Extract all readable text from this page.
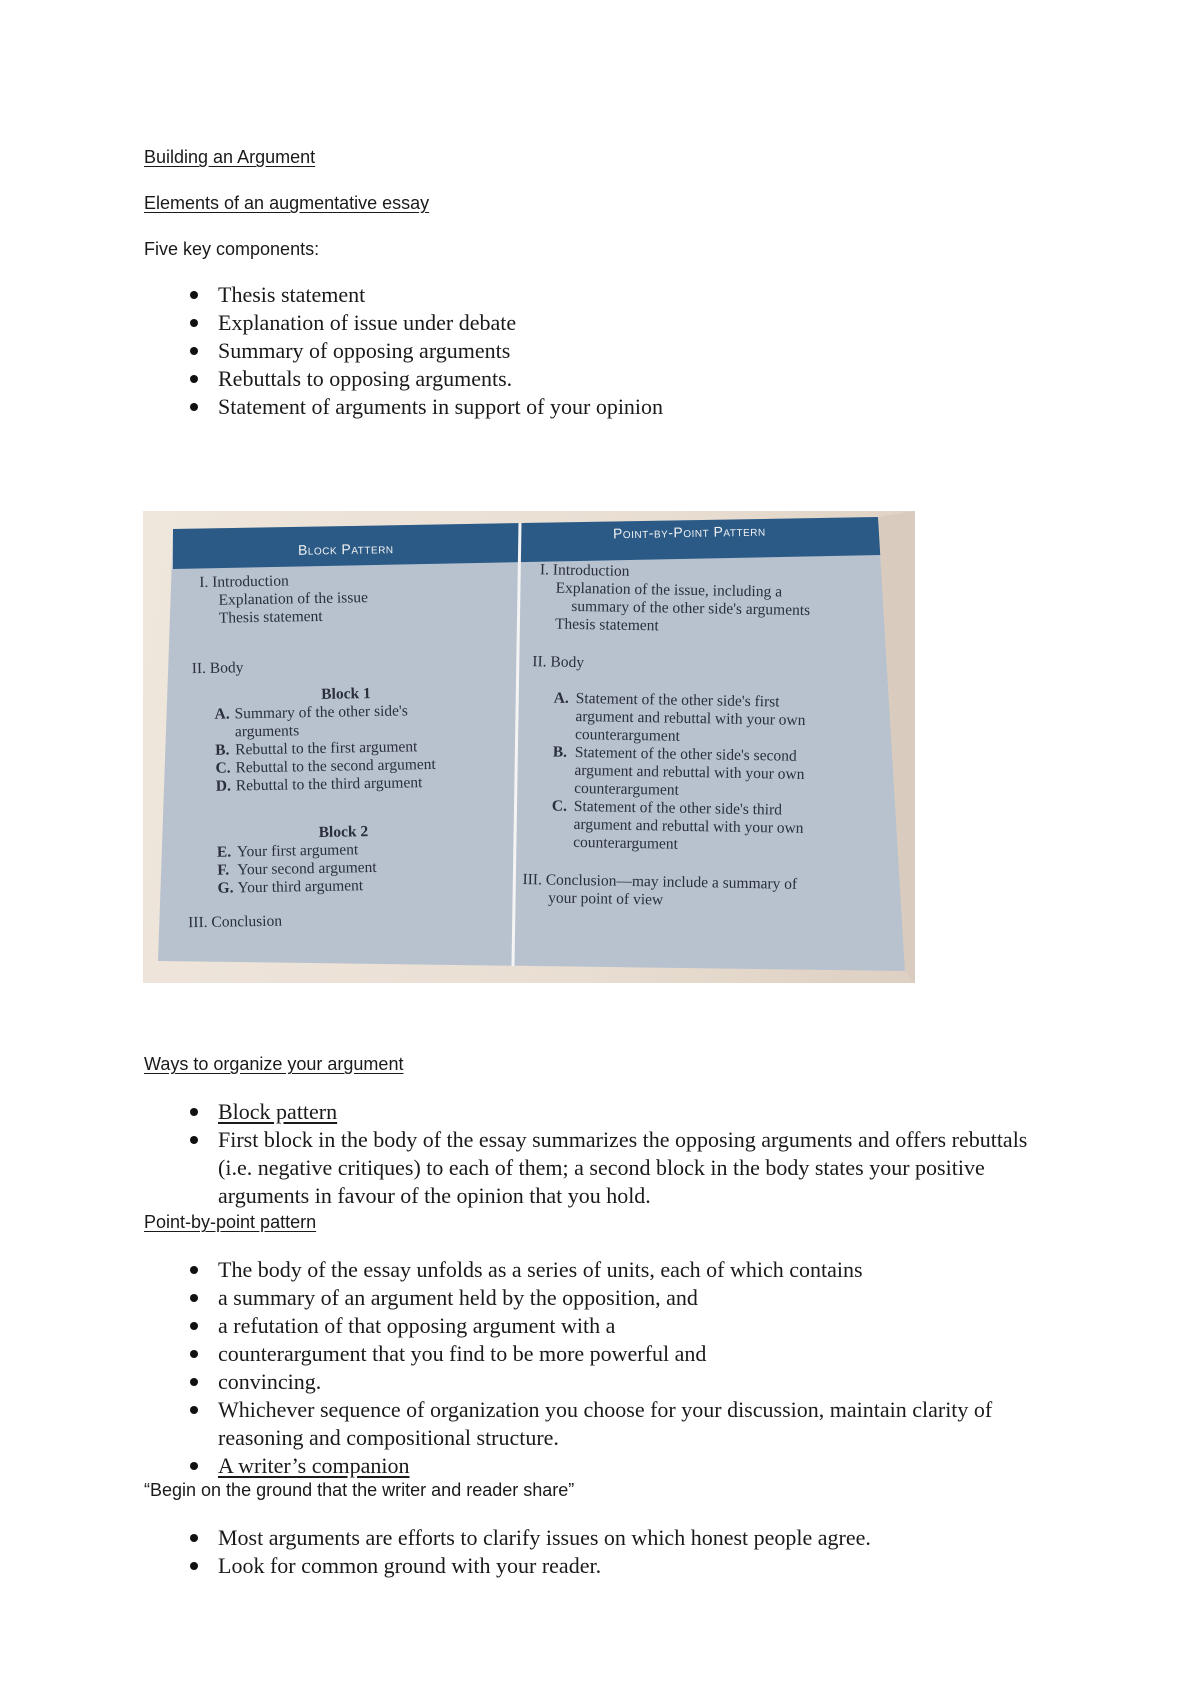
Building an Argument
Elements of an augmentative essay
Five key components:
Thesis statement
Explanation of issue under debate
Summary of opposing arguments
Rebuttals to opposing arguments.
Statement of arguments in support of your opinion
Block Pattern
Point-by-Point Pattern
I. Introduction
Explanation of the issue
Thesis statement
II. Body
Block 1
A. Summary of the other side's
arguments
B. Rebuttal to the first argument
C. Rebuttal to the second argument
D. Rebuttal to the third argument
Block 2
E. Your first argument
F. Your second argument
G. Your third argument
III. Conclusion
I. Introduction
Explanation of the issue, including a
summary of the other side's arguments
Thesis statement
II. Body
A. Statement of the other side's first
argument and rebuttal with your own
counterargument
B. Statement of the other side's second
argument and rebuttal with your own
counterargument
C. Statement of the other side's third
argument and rebuttal with your own
counterargument
III. Conclusion—may include a summary of
your point of view
Ways to organize your argument
Block pattern
First block in the body of the essay summarizes the opposing arguments and offers rebuttals (i.e. negative critiques) to each of them; a second block in the body states your positive arguments in favour of the opinion that you hold.
Point-by-point pattern
The body of the essay unfolds as a series of units, each of which contains
a summary of an argument held by the opposition, and
a refutation of that opposing argument with a
counterargument that you find to be more powerful and
convincing.
Whichever sequence of organization you choose for your discussion, maintain clarity of reasoning and compositional structure.
A writer’s companion
“Begin on the ground that the writer and reader share”
Most arguments are efforts to clarify issues on which honest people agree.
Look for common ground with your reader.
